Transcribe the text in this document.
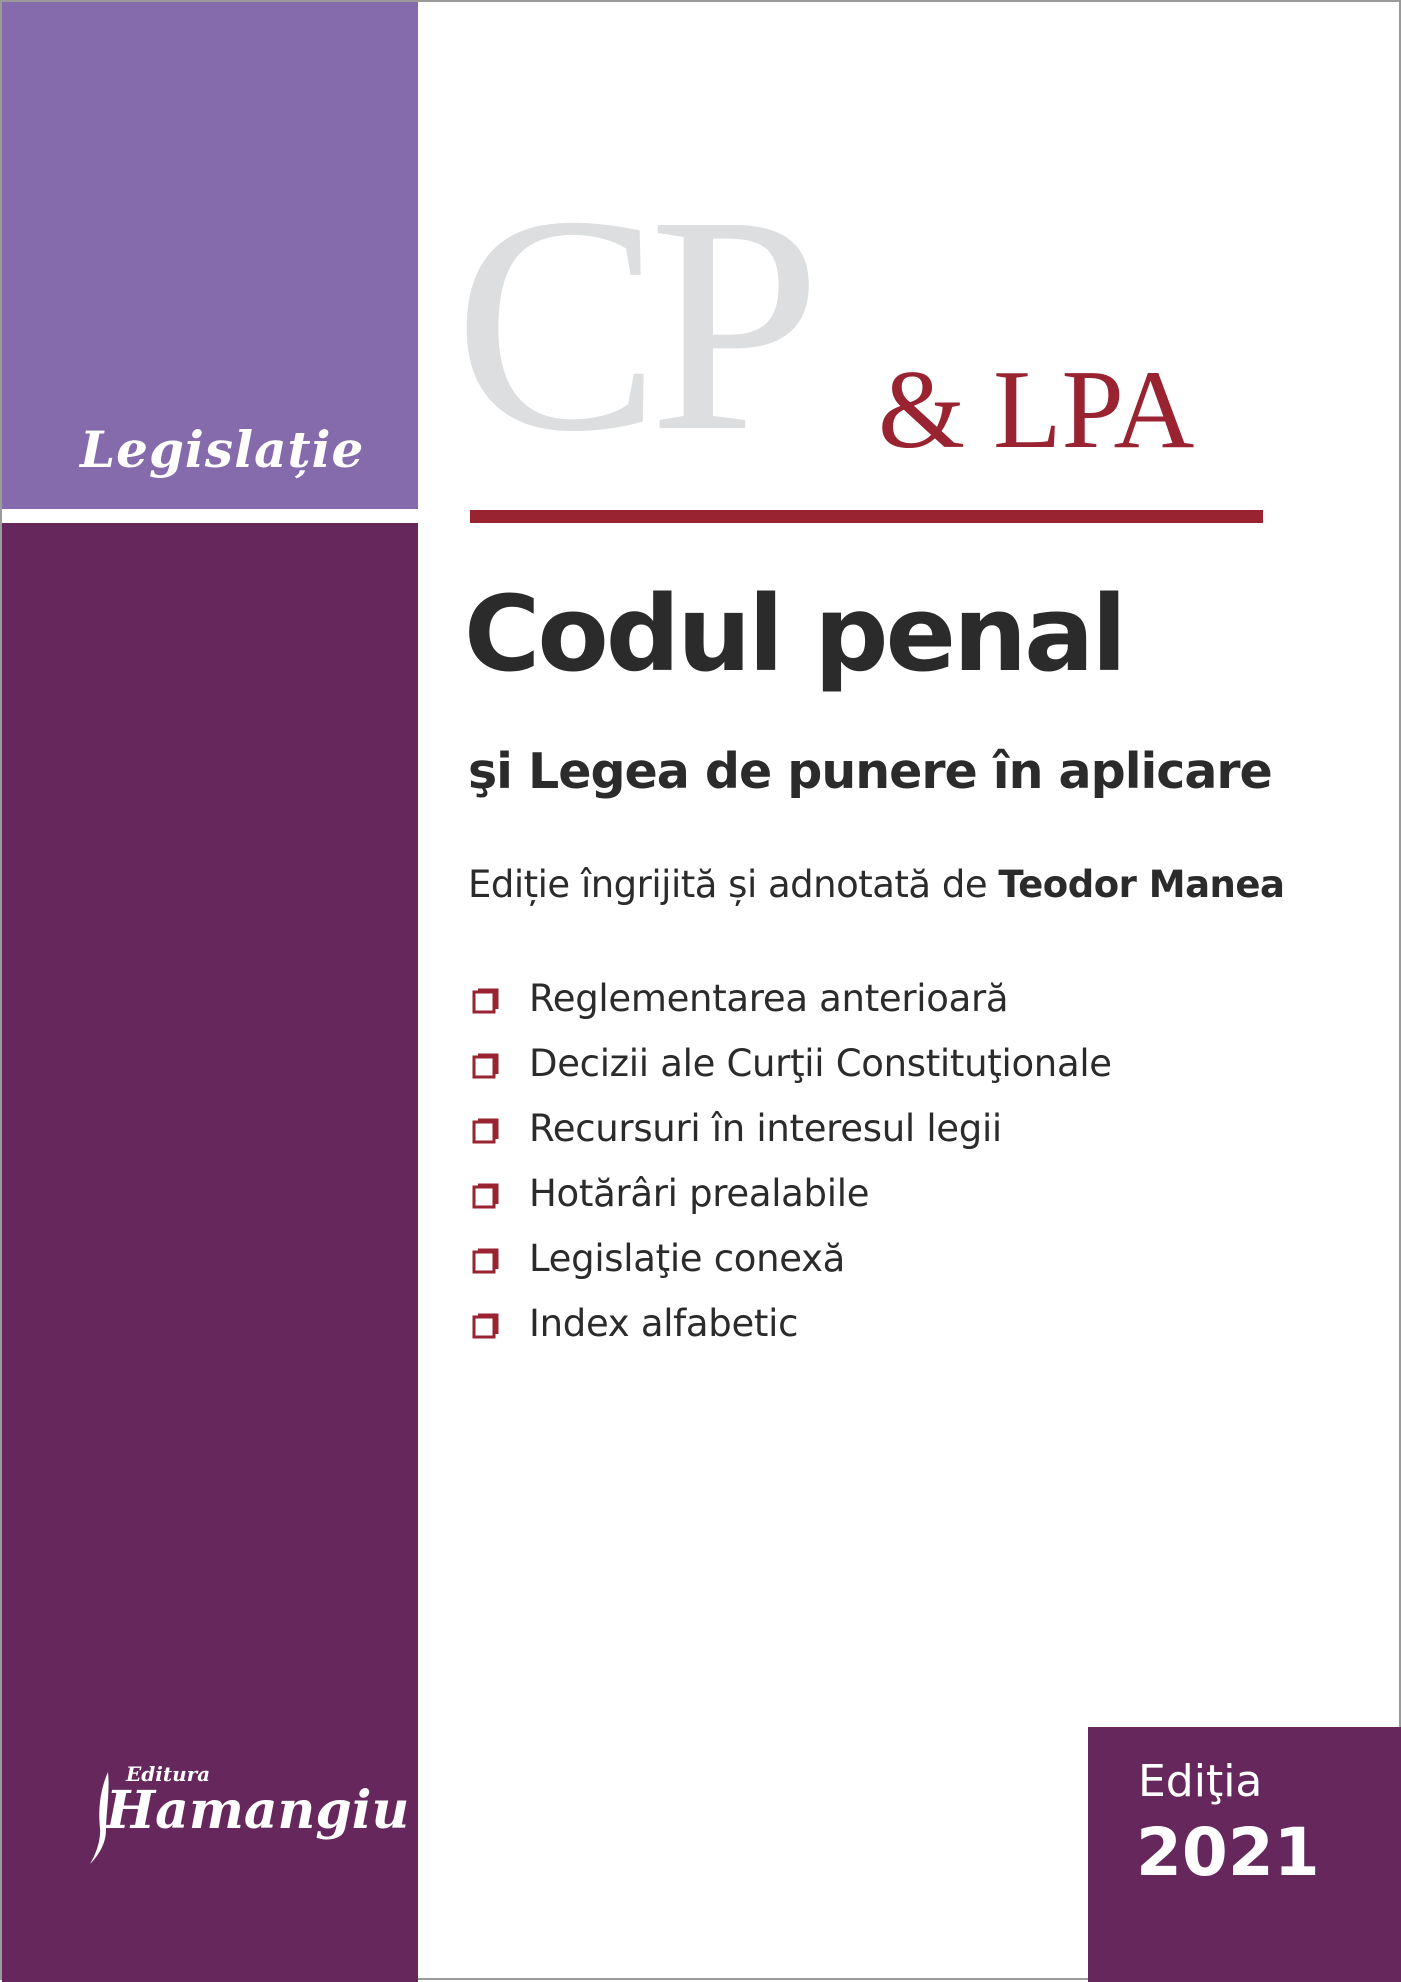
Legislație
Editura
Hamangiu
CP & LPA
Codul penal
şi Legea de punere în aplicare
Ediție îngrijită și adnotată de Teodor Manea
Reglementarea anterioară
Decizii ale Curţii Constituţionale
Recursuri în interesul legii
Hotărâri prealabile
Legislaţie conexă
Index alfabetic
Ediţia
2021
